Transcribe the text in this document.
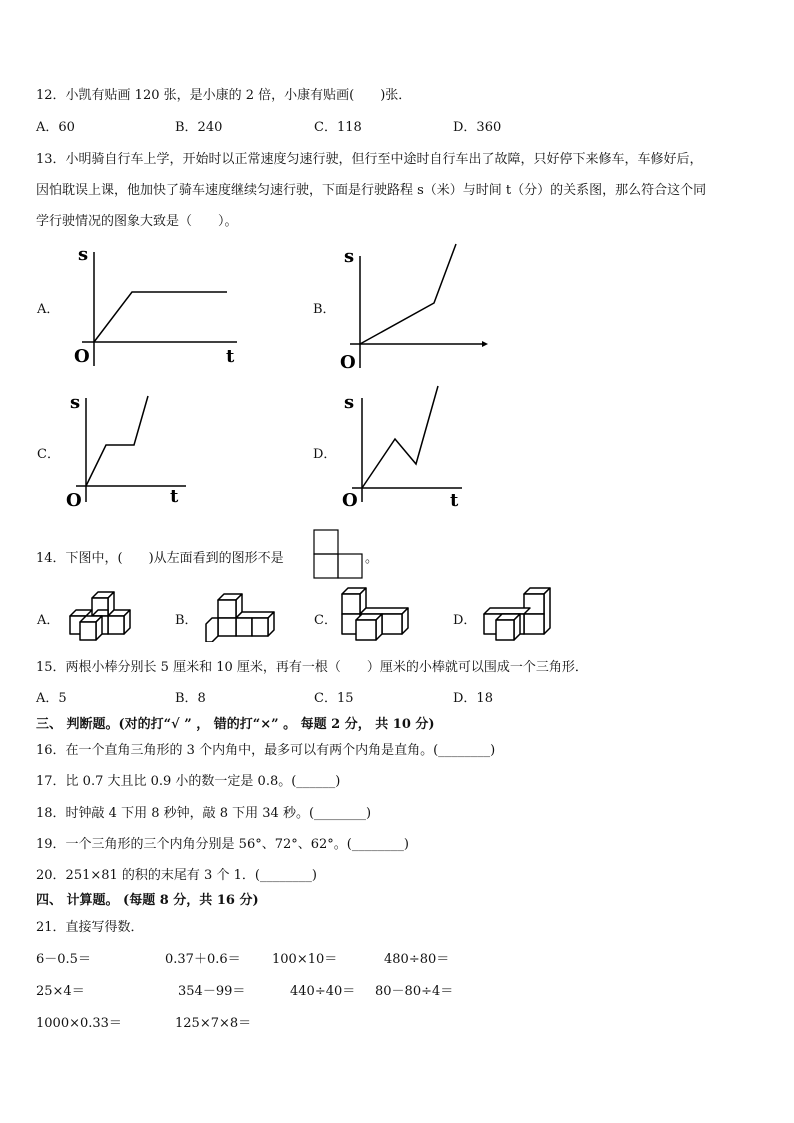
12．小凯有贴画 120 张，是小康的 2 倍，小康有贴画(　　)张．
A．60	B．240	C．118	D．360
13．小明骑自行车上学，开始时以正常速度匀速行驶，但行至中途时自行车出了故障，只好停下来修车，车修好后，
因怕耽误上课，他加快了骑车速度继续匀速行驶，下面是行驶路程 s（米）与时间 t（分）的关系图，那么符合这个同
学行驶情况的图象大致是（　　）。
A．
s
O	t
B．
s
O
C．
s
O	t
D．
s
O	t
14．下图中，(　　)从左面看到的图形不是	。
A．	B．	C．	D．
15．两根小棒分别长 5 厘米和 10 厘米，再有一根（　　）厘米的小棒就可以围成一个三角形．
A．5	B．8	C．15	D．18
三、 判断题。(对的打“√ ” ， 错的打“×” 。 每题 2 分， 共 10 分)
16．在一个直角三角形的 3 个内角中，最多可以有两个内角是直角。(________)
17．比 0.7 大且比 0.9 小的数一定是 0.8。(______)
18．时钟敲 4 下用 8 秒钟，敲 8 下用 34 秒。(________)
19．一个三角形的三个内角分别是 56°、72°、62°。(________)
20．251×81 的积的末尾有 3 个 1．(________)
四、 计算题。 (每题 8 分，共 16 分)
21．直接写得数．
6－0.5＝	0.37＋0.6＝ 100×10＝	480÷80＝
25×4＝	354－99＝	440÷40＝ 80－80÷4＝
1000×0.33＝	125×7×8＝
